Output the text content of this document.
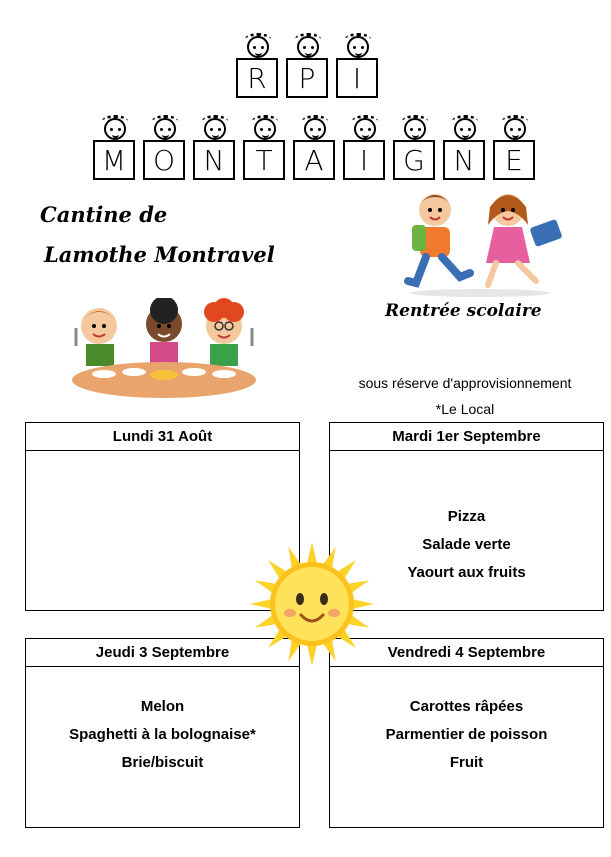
R	P	I
M O	N	T	A	I	G	N	E
Cantine de
Lamothe Montravel
Rentrée scolaire
sous réserve d'approvisionnement
*Le Local
Lundi 31 Août	Mardi 1er Septembre
Pizza
Salade verte
Yaourt aux fruits
Jeudi 3 Septembre
Melon
Spaghetti à la bolognaise*
Brie/biscuit
Vendredi 4 Septembre
Carottes râpées
Parmentier de poisson
Fruit
